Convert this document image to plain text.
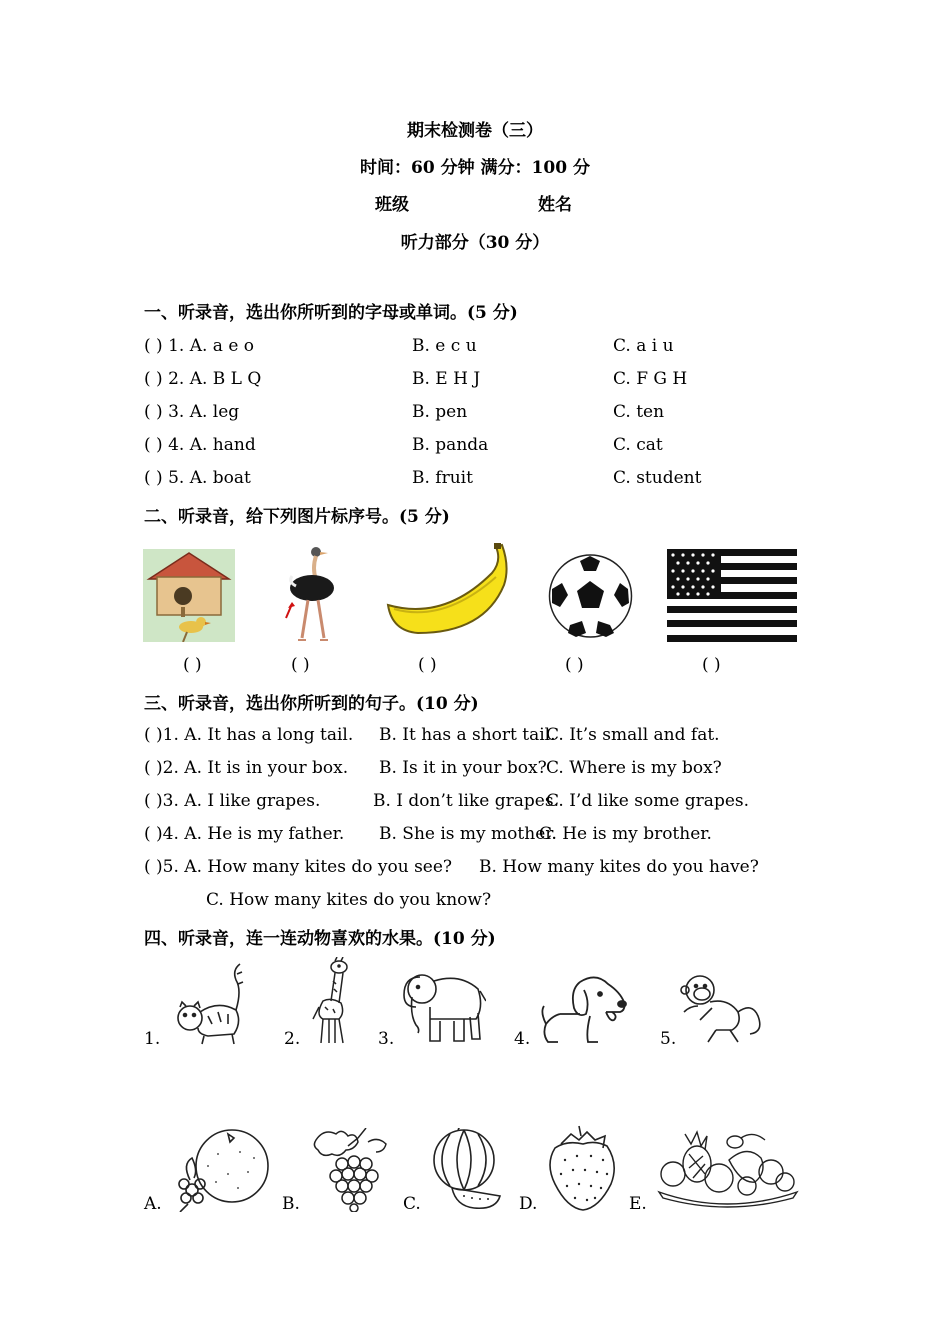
期末检测卷（三）
时间：60 分钟 满分：100 分
班级	姓名
听力部分（30 分）
一、听录音，选出你所听到的字母或单词。(5 分)
( ) 1. A. a e o	B. e c u	C. a i u
( ) 2. A. B L Q	B. E H J	C. F G H
( ) 3. A. leg	B. pen	C. ten
( ) 4. A. hand	B. panda	C. cat
( ) 5. A. boat	B. fruit	C. student
二、听录音，给下列图片标序号。(5 分)
( )	( )	( )	( )	( )
三、听录音，选出你所听到的句子。(10 分)
( )1. A. It has a long tail. B. It has a short tail.
C. It’s small and fat.
( )2. A. It is in your box. B. Is it in your box? C. Where is my box?
( )3. A. I like grapes.	B. I don’t like grapes.
C. I’d like some grapes.
( )4. A. He is my father. B. She is my mother.
C. He is my brother.
( )5. A. How many kites do you see? B. How many kites do you have?
C. How many kites do you know?
四、听录音，连一连动物喜欢的水果。(10 分)
1.	2.	3.	4.	5.
A.	B.	C.	D.	E.
